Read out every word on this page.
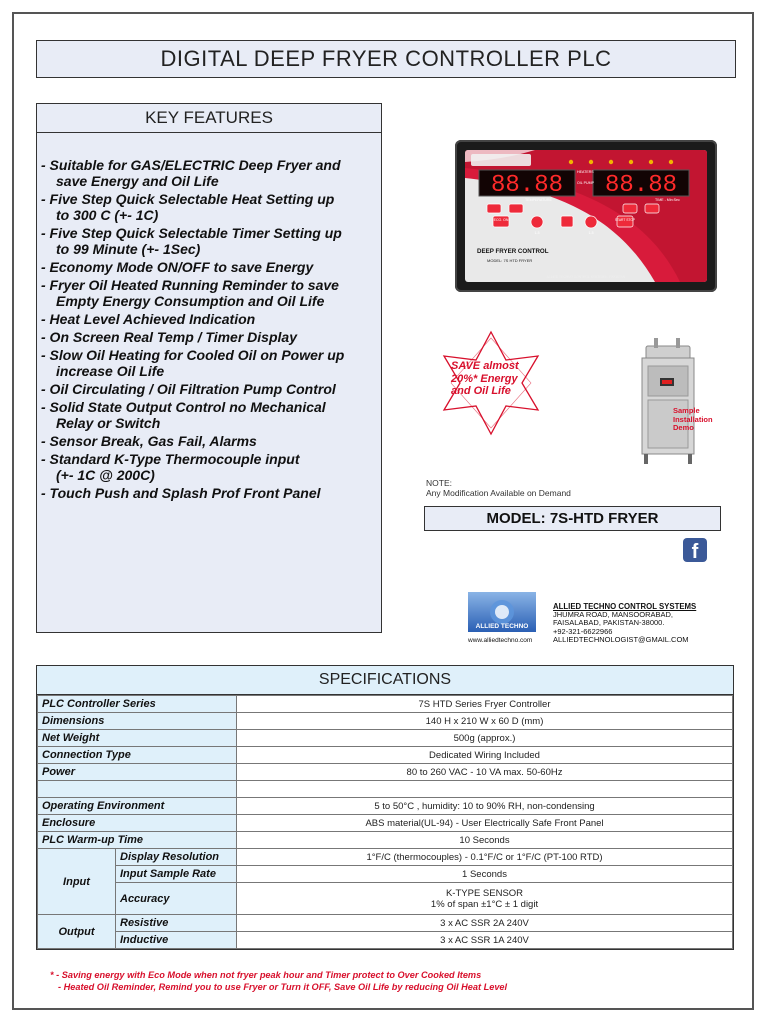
DIGITAL DEEP FRYER CONTROLLER PLC
KEY FEATURES
- Suitable for GAS/ELECTRIC Deep Fryer and
save Energy and Oil Life
- Five Step Quick Selectable Heat Setting up
to 300 C (+- 1C)
- Five Step Quick Selectable Timer Setting up
to 99 Minute (+- 1Sec)
- Economy Mode ON/OFF to save Energy
- Fryer Oil Heated Running Reminder to save
Empty Energy Consumption and Oil Life
- Heat Level Achieved Indication
- On Screen Real Temp / Timer Display
- Slow Oil Heating for Cooled Oil on Power up
increase Oil Life
- Oil Circulating / Oil Filtration Pump Control
- Solid State Output Control no Mechanical
Relay or Switch
- Sensor Break, Gas Fail, Alarms
- Standard K-Type Thermocouple input
(+- 1C @ 200C)
- Touch Push and Splash Prof Front Panel
88.88 88.88
HEATERS
OIL PUMP
TEMPERATURE	TIME - Min:Sec
ECO. ON
1-5	1-5
START STOP
DEEP FRYER CONTROL
MODEL: 7S HTD FRYER
ALLIED TECHNO CONTROL SYSTEMS - PAKISTAN
SAVE almost 20%* Energy and Oil Life
Sample
Installation
Demo
NOTE:
Any Modification Available on Demand
MODEL: 7S-HTD FRYER
f
ALLIED TECHNO
www.alliedtechno.com
ALLIED TECHNO CONTROL SYSTEMS
JHUMRA ROAD, MANSOORABAD,
FAISALABAD, PAKISTAN-38000.
+92-321-6622966
ALLIEDTECHNOLOGIST@GMAIL.COM
SPECIFICATIONS
PLC Controller Series		7S HTD Series Fryer Controller
Dimensions		140 H x 210 W x 60 D (mm)
Net Weight		500g (approx.)
Connection Type		Dedicated Wiring Included
Power		80 to 260 VAC - 10 VA max. 50-60Hz

Operating Environment		5 to 50°C , humidity: 10 to 90% RH, non-condensing
Enclosure		ABS material(UL-94) - User Electrically Safe Front Panel
PLC Warm-up Time		10 Seconds
Input	Display Resolution	1°F/C (thermocouples) - 0.1°F/C or 1°F/C (PT-100 RTD)
	Input Sample Rate	1 Seconds
	Accuracy	K-TYPE SENSOR
1% of span ±1°C ± 1 digit

Output	Resistive	3 x AC SSR 2A 240V
	Inductive	3 x AC SSR 1A 240V
* - Saving energy with Eco Mode when not fryer peak hour and Timer protect to Over Cooked Items
- Heated Oil Reminder, Remind you to use Fryer or Turn it OFF, Save Oil Life by reducing Oil Heat Level
